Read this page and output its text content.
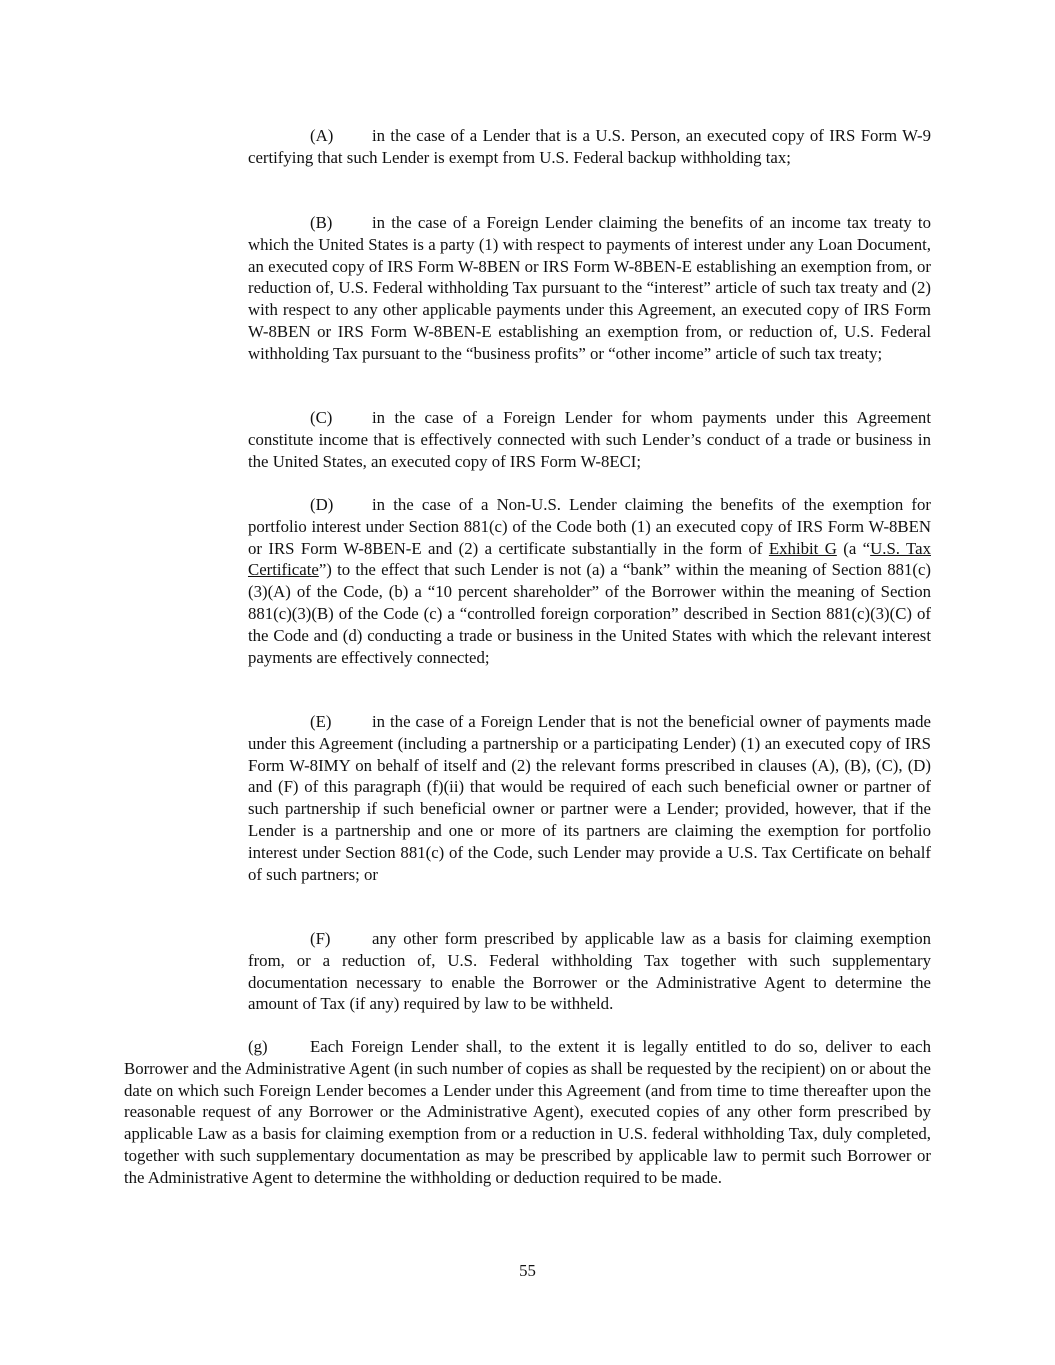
(A) in the case of a Lender that is a U.S. Person, an executed copy of IRS Form W-9 certifying that such Lender is exempt from U.S. Federal backup withholding tax;

(B) in the case of a Foreign Lender claiming the benefits of an income tax treaty to which the United States is a party (1) with respect to payments of interest under any Loan Document, an executed copy of IRS Form W-8BEN or IRS Form W-8BEN-E establishing an exemption from, or reduction of, U.S. Federal withholding Tax pursuant to the “interest” article of such tax treaty and (2) with respect to any other applicable payments under this Agreement, an executed copy of IRS Form W-8BEN or IRS Form W-8BEN-E establishing an exemption from, or reduction of, U.S. Federal withholding Tax pursuant to the “business profits” or “other income” article of such tax treaty;

(C) in the case of a Foreign Lender for whom payments under this Agreement constitute income that is effectively connected with such Lender’s conduct of a trade or business in the United States, an executed copy of IRS Form W-8ECI;

(D) in the case of a Non-U.S. Lender claiming the benefits of the exemption for portfolio interest under Section 881(c) of the Code both (1) an executed copy of IRS Form W-8BEN or IRS Form W-8BEN-E and (2) a certificate substantially in the form of Exhibit G (a “U.S. Tax Certificate”) to the effect that such Lender is not (a) a “bank” within the meaning of Section 881(c)(3)(A) of the Code, (b) a “10 percent shareholder” of the Borrower within the meaning of Section 881(c)(3)(B) of the Code (c) a “controlled foreign corporation” described in Section 881(c)(3)(C) of the Code and (d) conducting a trade or business in the United States with which the relevant interest payments are effectively connected;

(E) in the case of a Foreign Lender that is not the beneficial owner of payments made under this Agreement (including a partnership or a participating Lender) (1) an executed copy of IRS Form W-8IMY on behalf of itself and (2) the relevant forms prescribed in clauses (A), (B), (C), (D) and (F) of this paragraph (f)(ii) that would be required of each such beneficial owner or partner of such partnership if such beneficial owner or partner were a Lender; provided, however, that if the Lender is a partnership and one or more of its partners are claiming the exemption for portfolio interest under Section 881(c) of the Code, such Lender may provide a U.S. Tax Certificate on behalf of such partners; or

(F) any other form prescribed by applicable law as a basis for claiming exemption from, or a reduction of, U.S. Federal withholding Tax together with such supplementary documentation necessary to enable the Borrower or the Administrative Agent to determine the amount of Tax (if any) required by law to be withheld.

(g)	Each Foreign Lender shall, to the extent it is legally entitled to do so, deliver to each Borrower and the Administrative Agent (in such number of copies as shall be requested by the recipient) on or about the date on which such Foreign Lender becomes a Lender under this Agreement (and from time to time thereafter upon the reasonable request of any Borrower or the Administrative Agent), executed copies of any other form prescribed by applicable Law as a basis for claiming exemption from or a reduction in U.S. federal withholding Tax, duly completed, together with such supplementary documentation as may be prescribed by applicable law to permit such Borrower or the Administrative Agent to determine the withholding or deduction required to be made.

55
